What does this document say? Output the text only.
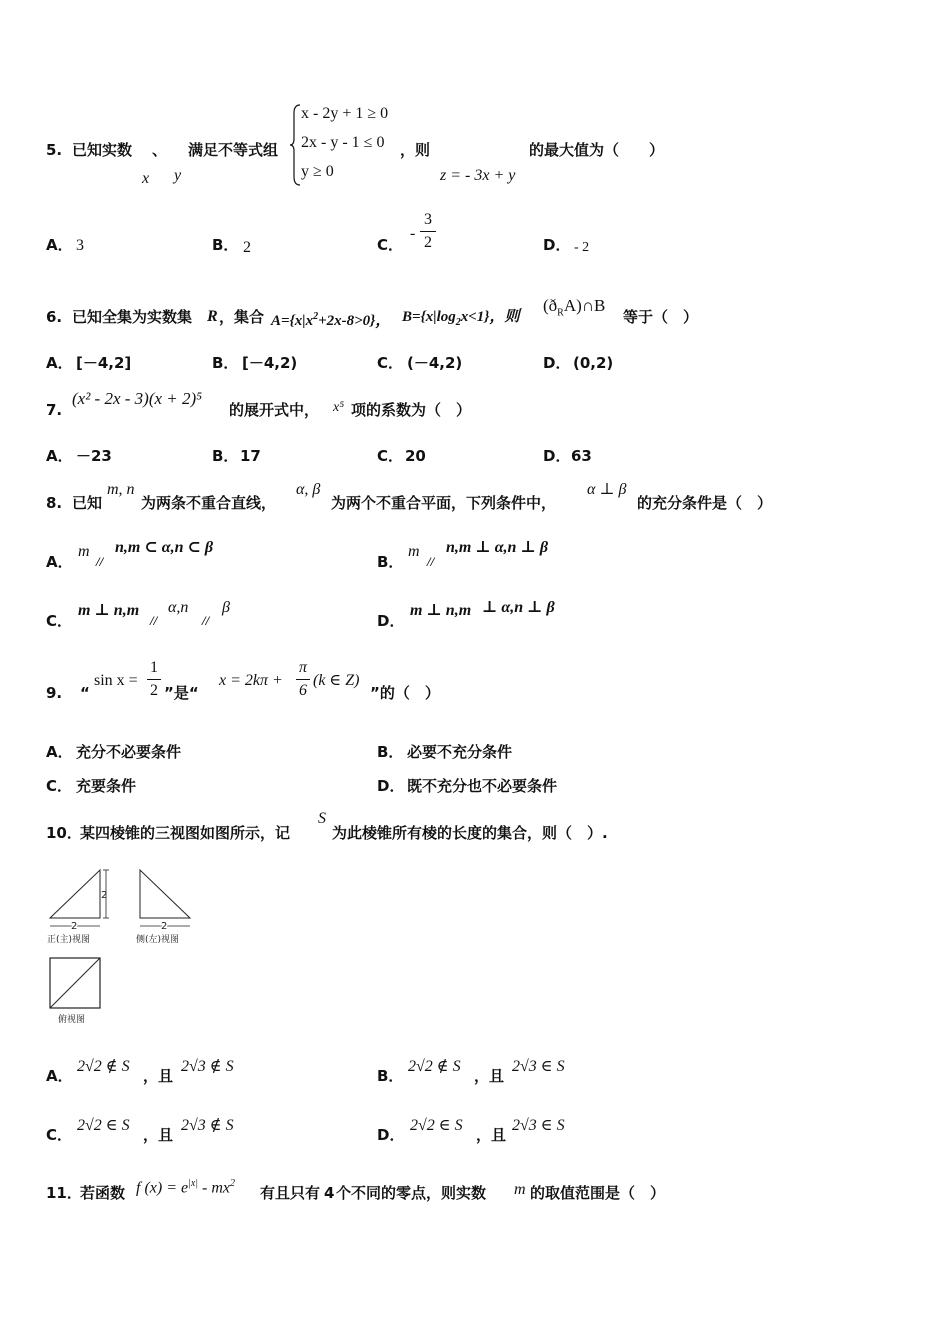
5. 已知实数 、
x y
满足不等式组
x - 2y + 1 ≥ 0
2x - y - 1 ≤ 0
y ≥ 0
，则
z = - 3x + y
的最大值为（　　）
A． 3	B． 2	C．
-
3
2	D． - 2
6. 已知全集为实数集 R ，集合 $A=\{x|x^2+2x-8>0\}$， $B=\{x|\log_2x<1\}$，则
$(ð_RA)\cap B$
等于（　）
A． [－4,2]	B． [－4,2)	C． (－4,2)	D． (0,2)
7.
(x² - 2x - 3)(x + 2)⁵
的展开式中， x⁵ 项的系数为（　）
A． －23	B． 17	C． 20	D． 63
8. 已知
m, n
为两条不重合直线，
α, β
为两个不重合平面，下列条件中，
α ⊥ β
的充分条件是（　）
A．
m
//
n,m ⊂ α,n ⊂ β
B．
m
//
n,m ⊥ α,n ⊥ β
C．
m ⊥ n,m
//
α,n
//
β
D．
m ⊥ n,m ⊥ α,n ⊥ β
9. “
sin x =
1
2 ”是“
x = 2kπ +
π
6
(k ∈ Z)
”的（　）
A． 充分不必要条件	B． 必要不充分条件
C． 充要条件	D． 既不充分也不必要条件
10．
某四棱锥的三视图如图所示，记
S
为此棱锥所有棱的长度的集合，则（　）.
2
2
正(主)视图
2
侧(左)视图
俯视图
A．
2√2 ∉ S
，且
2√3 ∉ S
B．
2√2 ∉ S
，且
2√3 ∈ S
C．
2√2 ∈ S
，且
2√3 ∉ S
D．
2√2 ∈ S
，且
2√3 ∈ S
11．
若函数 f $(x) = e^{|x|} - mx^2$
有且只有 4 个不同的零点，则实数 m 的取值范围是（　）
